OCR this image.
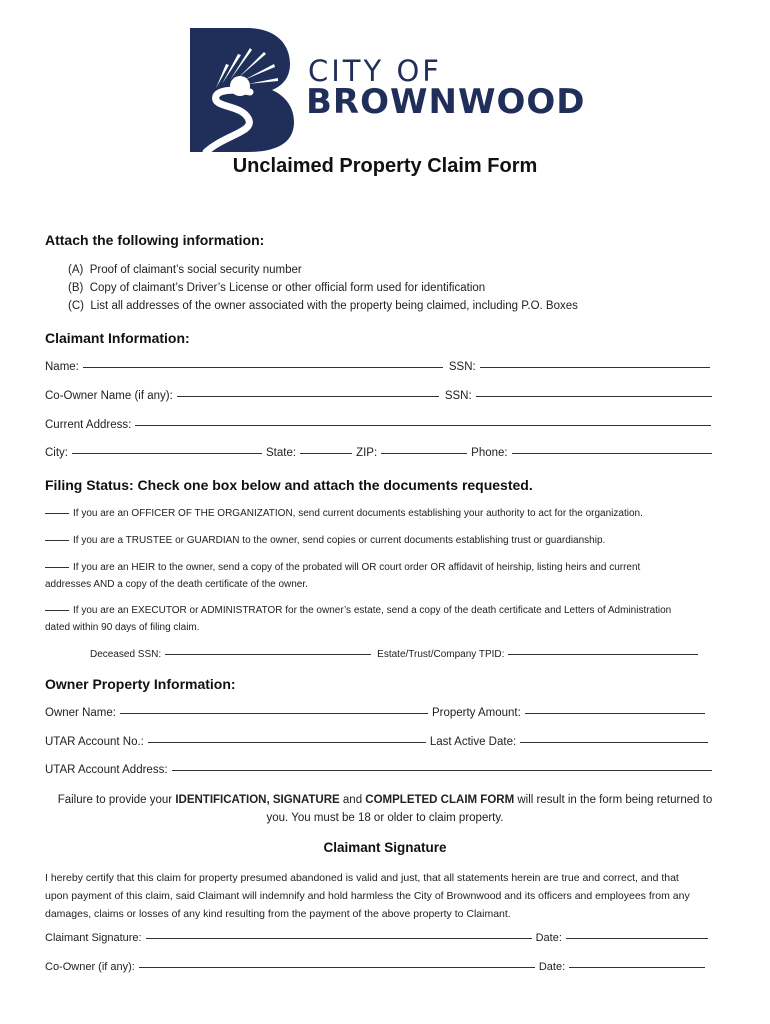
CITY OF
BROWNWOOD
Unclaimed Property Claim Form
Attach the following information:
(A)  Proof of claimant’s social security number
(B)  Copy of claimant’s Driver’s License or other official form used for identification
(C)  List all addresses of the owner associated with the property being claimed, including P.O. Boxes
Claimant Information:
Name:	SSN:
Co-Owner Name (if any):	SSN:
Current Address:
City:	State:	ZIP:	Phone:
Filing Status: Check one box below and attach the documents requested.
If you are an OFFICER OF THE ORGANIZATION, send current documents establishing your authority to act for the organization.
If you are a TRUSTEE or GUARDIAN to the owner, send copies or current documents establishing trust or guardianship.
If you are an HEIR to the owner, send a copy of the probated will OR court order OR affidavit of heirship, listing heirs and current
addresses AND a copy of the death certificate of the owner.
If you are an EXECUTOR or ADMINISTRATOR for the owner’s estate, send a copy of the death certificate and Letters of Administration
dated within 90 days of filing claim.
Deceased SSN:	Estate/Trust/Company TPID:
Owner Property Information:
Owner Name:	Property Amount:
UTAR Account No.:	Last Active Date:
UTAR Account Address:
Failure to provide your IDENTIFICATION, SIGNATURE and COMPLETED CLAIM FORM will result in the form being returned to
you. You must be 18 or older to claim property.
Claimant Signature
I hereby certify that this claim for property presumed abandoned is valid and just, that all statements herein are true and correct, and that
upon payment of this claim, said Claimant will indemnify and hold harmless the City of Brownwood and its officers and employees from any
damages, claims or losses of any kind resulting from the payment of the above property to Claimant.
Claimant Signature:	Date:
Co-Owner (if any):	Date:
